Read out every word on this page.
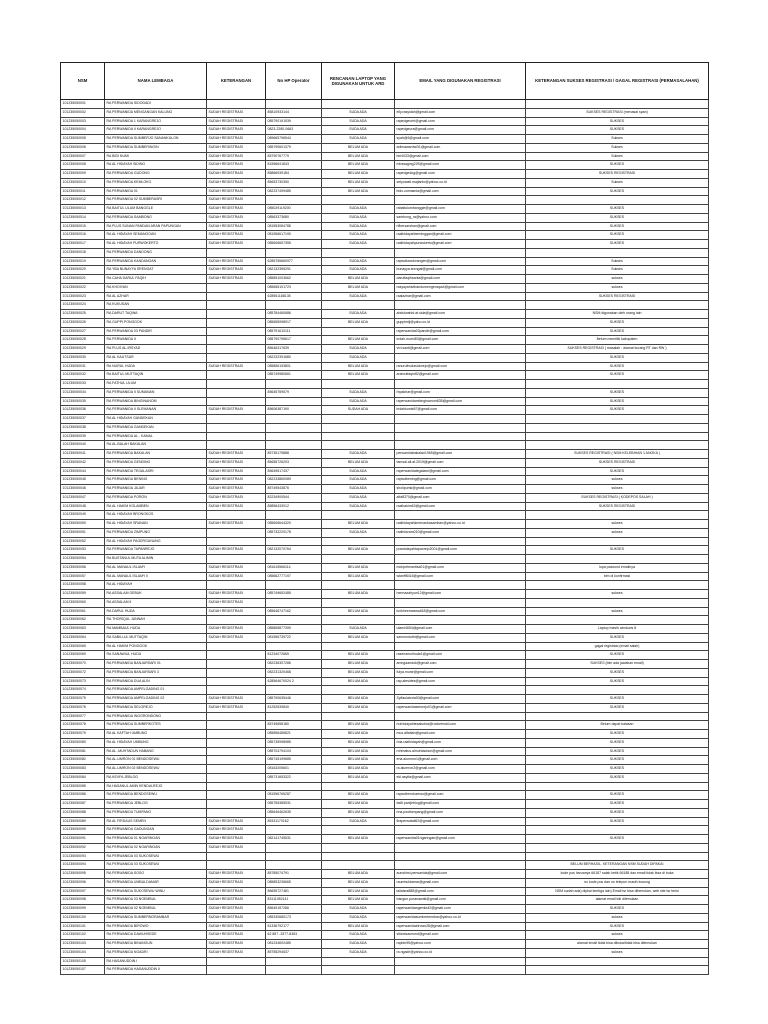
NSM	NAMA LEMBAGA	KETERANGAN	No HP Operator	RENCANAN LAPTOP YANG DIGUNAKAN UNTUK ARD	EMAIL YANG DIGUNAKAN REGISTRASI	KETERANGAN SUKSES REGISTRASI / GAGAL REGISTRASI (PERMASALAHAN)
101235050001	RA PERWANIDA SIDODADI					
101235050002	RA PERWANIDA MENGANGAN KALUNG	SUDAH REGISTRASI	85810933144	SUDA ADA	elly.rasyidah@gmail.com	SUKSES REGISTRASI (menasai span)
101235050003	RA PERWANIDA 1 KARANGREJO	SUDAH REGISTRASI	085790191539	SUDA ADA	rapedgeuriri@gmail.com	SUKSES
101235050004	RA PERWANIDA II KARANGREJO	SUDAH REGISTRASI	0823-2280-0663	SUDA ADA	rapedgeura@gmail.com	SUKSES
101235050005	RA PERWANIDA SUMBERJO SANANKULON	SUDAH REGISTRASI	089665796544	SUDA ADA	syah@6@gmail.com	Sukses
101235050006	RA PERWANIDA SUMBERINGIN	SUDAH REGISTRASI	085790601379	BELUM ADA	adimawardwi31@gmail.com	Sukses
101235050007	RA BIDI NUMI	SUDAH REGISTRASI	85790767779	BELUM ADA	biri4033@gmail.com	Sukses
101235050008	RA AL HIDAYAH SIDING	SUDAH REGISTRASI	81556641843	BELUM ADA	mirasaging225@gmail.com	SUKSES
101235050009	RA PERWANIDA GUDONG	SUDAH REGISTRASI	85866939184	BELUM ADA	rapedgedug@gmail.com	SUKSES REGISTRASI
101235050010	RA PERWANIDA KEMLOKO	SUDAH REGISTRASI	85653730390	BELUM ADA	setyowati.majlanto@yahoo.co.id	Sukses
101235050011	RA PERWANIDA 01	SUDAH REGISTRASI	082237499485	BELUM ADA	bido.zumasnia@gmail.com	SUKSES
101235050012	RA PERWANIDA 02 SUMBERASRI	SUDAH REGISTRASI				
101235050013	RA BAITUL ULUM BANGGLE	SUDAH REGISTRASI	085029119200	SUDA ADA	rabaitulumbanggle@gmail.com	SUKSES
101235050014	RA PERWANIDA SAMBONG	SUDAH REGISTRASI	08563373680	SUDA ADA	sambong_ra@yahoo.com	SUKSES
101235050015	RA PLUS SUNAN PANDAN ARAN PAPUNGAN	SUDAH REGISTRASI	081553084788	SUDA ADA	rifbersarshan@gmail.com	SUKSES
101235050016	RA AL HIDAYAH SEMANGGAN	SUDAH REGISTRASI	081556617190	SUDA ADA	raalhidayahbeminggan@gmail.com	SUKSES
101235050017	RA AL HIDAYAH PURWOKERTO	SUDAH REGISTRASI	085606657355	SUDA ADA	raalhidayahpurwokerto@gmail.com	SUKSES
101235050018	RA PERWANIDA DANDONG					
101235050019	RA PERWANIDA KANDANGAN	SUDAH REGISTRASI	6285755660977	SUDA ADA	rapwdkandorangen@gmail.com	Sukses
101235050020	RA YBA BUNAYYA SRENGAT	SUDAH REGISTRASI	082132355291	SUDA ADA	bunayya.srengat@gmail.com	Sukses
101235050021	RA CAHA DARUL FAQIH	SUDAH REGISTRASI	085891003662	BELUM ADA	darulfaqihsanta@gmail.com	sukses
101235050022	RA KHOIYAN		085655101723	BELUM ADA	rasyayahsebandumengenapa4@gmail.com	sukses
101235050023	RA AL AZHAR		628561188135	SUDA ADA	raalazhar@gmail.com	SUKSES REGISTRASI
101235050024	RA KUKUSAN					
101235050025	RA DARUT TAQWA		085784460686	SUDA ADA	abdulwahid.at.sida@gmail.com	NSM digunakan oleh orang lain
101235050026	RA GUPPI PONGGOK		085655998917	BELUM ADA	guppimiji@yaho.co.id	SUKSES
101235050027	RA PERWANIDA 03 PANDIR		085791610111		raperwanida03pandir@gmail.com	SUKSES
101235050028	RA PERWANIDA II		085790796617	BELUM ADA	indah.murni83@gmail.com	Belum memiliki kabupaten
101235050029	RA PLUS AL-IRSYAD		85646317639	SUDA ADA	vivi.santi@gmail.com	SUKSES REGISTRASI ( masalah : alamat kurang RT dan RW )
101235050030	RA AL KAUTSAR		082232391680	SUDA ADA		SUKSES
101235050031	RA NURUL HUDA	SUDAH REGISTRASI	085856193801	BELUM ADA	ranurulhudasidorejo@gmail.com	SUKSES
101235050032	RA BAITUL MUTTAQIN		085749980661	BELUM ADA	aramutfaqin82@gmail.com	SUKSES
101235050033	RA FATHUL ULUM					
101235050034	RA PERWANIDA II SUMANAN		85645759579	SUDA ADA	rbpakhar@gmail.com	SUKSES
101235050035	RA PERWANIDA BINGINANOM			SUDA ADA	raperwanidambinginanom835@gmail.com	SUKSES
101235050036	RA PERWANIDA II SLEMANAN	SUDAH REGISTRASI	85606387190	SUDAH ADA	indahkunta57@gmail.com	SUKSES
101235050037	RA AL HIDAYAH GANDEKAN					
101235050038	RA PERWANIDA GANDEKAN					
101235050039	RA PERWANIDA AL - KAMAL					
101235050040	RA AL-BALAH BAKALAN					
101235050041	RA PERWANIDA BAKALAN	SUDAH REGISTRASI	85735175888	SUDA ADA	perwanidabakalan1965@gmail.com	SUKSES REGISTRASI ( NSM KELEBIHAN 1 ANGKA )
101235050042	RA PERWANIDA GENDING	SUDAH REGISTRASI	85655726203	BELUM ADA	tamsal.ali.at.2019@gmail.com	SUKSES REGISTRASI
101235050044	RA PERWANIDA TEGALASRI	SUDAH REGISTRASI	85649517437	SUDA ADA	raperwanidategalasri@gmail.com	SUKSES
101235050045	RA PERWANIDA BENING	SUDAH REGISTRASI	082233860089	SUDA ADA	rapwdbening@gmail.com	sukses
101235050046	RA PERWANIDA JAJAR	SUDAH REGISTRASI	85749543876	SUDA ADA	sholipumk@gmail.com	sukses
101235050047	RA PERWANIDA PORON	SUDAH REGISTRASI	82234900544	SUDA ADA	alfa8370@gmail.com	SUKSES REGISTRASI ( KODEPOS SALAH )
101235050048	RA AL HAKIM KOLAMBEN	SUDAH REGISTRASI	85856433012	SUDA ADA	raalhakim63@gmail.com	SUKSES REGISTRASI
101235050049	RA AL HIDAYAH BRONGKOS					
101235050050	RA AL HIDAYAH SRANAN	SUDAH REGISTRASI	085606644320	BELUM ADA	raalhidayahkmenankasamban@yahoo.co.id	sukses
101235050051	RA PERWANIDA ZIMPUNG		085732220178	SUDA ADA	raalhidzam010@gmail.com	sukses
101235050052	RA AL HIDAYAH PAGERGUNUNG					
101235050053	RA PERWANIDA TAPANREJO	SUDAH REGISTRASI	082132070764	BELUM ADA	poswidayahtapanrejo2001@gmail.com	SUKSES
101235050054	RA BUSTANUL MUTA ALIMIN					
101235050056	RA AL MANAUL ISLAMY	SUDAH REGISTRASI	081615566114	BELUM ADA	mohpetmantisa01@gmail.com	lupa pasword emailnya
101235050057	RA AL MANAUL ISLAMY II	SUDAH REGISTRASI	085662777197	BELUM ADA	wtanff8416@gmail.com	blm di konfirmasi
101235050058	RA AL HIDAYAH					
101235050059	RA ASSALAM GEBUK	SUDAH REGISTRASI	085749652485	BELUM ADA	hermazahyun12@gmail.com	sukses
101235050060	RA ASSALAM II	SUDAH REGISTRASI				
101235050061	RA DARUL HUDA	SUDAH REGISTRASI	085646747162	BELUM ADA	lunkheemaswati18@gmail.com	sukses
101235050062	RA THORIQUL JANNAH					
101235050063	RA MAMBAUL HUDA	SUDAH REGISTRASI	085855877399	SUDA ADA	utami4654@gmail.com	Laptop masih windows 8
101235050064	RA SABILLUL MUTTAQIN	SUDAH REGISTRASI	081556739722	BELUM ADA	samonotuthi@gmail.com	SUKSES
101235050065	RA AL HAKIM PONGGOK					gagal registrasi (email salah)
101235050069	RA SANAWIUL HUDA		81234072665	BELUM ADA	rasenamulhuda1@gmail.com	SUKSES
101235050070	RA PERWANIDA BANJARSARI 01		082236307286	BELUM ADA	amngaandub@gmail.com	SUKSES (blm ada jawaban email)
101235050072	RA PERWANIDA BANJARSARI 3		082231320468	BELUM ADA	fulya.munir@gmail.com	SUKSES
101235050073	RA PERWANIDA DUA ALIN		628564670024 2	BELUM ADA	rap.alesides@gmail.com	SUKSES
101235050074	RA PERWANIDA AMPELGADING 01					
101235050075	RA PERWANIDA AMPELGADING 02	SUDAH REGISTRASI	085790635446	BELUM ADA	Syifaulatoria93@gmail.com	SUKSES
101235050076	RA PERWANIDA SELOREJO	SUDAH REGISTRASI	81252539840	BELUM ADA	raperwanidaselorejo01@gmail.com	SUKSES
101235050077	RA PERWANIDA INGGRONDONG					
101235050078	RA PERWANIDA SUMBERKOTES		85749658180	BELUM ADA	nurhidayahtesakutna@rocketmail.com	Belum dapat balasan
101235050079	RA AL KAFTAH UMBUNG		085856485821	BELUM ADA	mus.alfattah@gmail.com	SUKSES
101235050080	RA AL HIDAYAH UMBUNG		085735998985	BELUM ADA	rida.raalhidayah@gmail.com	SUKSES
101235050081	RA AL -MUHTADUN HABANG		085704794104	BELUM ADA	rohmatus.almuhtadoun@gmail.com	SUKSES
101235050082	RA AL-UMRON 01 BENDOSEWU		085745199685	BELUM ADA	ena.alumron1@gmail.com	SUKSES
101235050083	RA AL-UMRON 02 BENDOSEWU		08163205601	BELUM ADA	ra.alumron2@gmail.com	SUKSES
101235050084	RA KEVFA JEBLOG		085731653322	BELUM ADA	eki.asyifa@gmail.com	SUKSES
101235050085	RA HASANUL AMIN KENDALREJO					
101235050086	RA PERWANIDA BENDOSEWU		081556765287	BELUM ADA	rapwdbendosewu@gmail.com	SUKSES
101235050087	RA PERWANIDA JEBLOG		085755385531	BELUM ADA	fadli.pwdjeblog@gmail.com	SUKSES
101235050088	RA PERWANIDA TUMPANG		085646462635	BELUM ADA	rina.pwdtumpang@gmail.com	SUKSES
101235050089	RA AL FIRDAUS SEMEN	SUDAH REGISTRASI	85331170162	SUDA ADA	firaperwatali62@gmail.com	SUKSES
101235050090	RA PERWANIDA GADUNGAN	SUDAH REGISTRASI				
101235050091	RA PERWANIDA 01 NGARINGAN	SUDAH REGISTRASI	082141745531	BELUM ADA	raperwanida01ngaringan@gmail.com	SUKSES
101235050092	RA PERWANIDA 02 NGARINGAN	SUDAH REGISTRASI				
101235050093	RA PERWANIDA 03 SUKOSEWU					
101235050094	RA PERWANIDA 03 SUKOSEWU					BELUM BERHASIL, KETERANGAN NSM SUDAH DIPAKAI
101235050095	RA PERWANIDA SOSO	SUDAH REGISTRASI	85785074791	BELUM ADA	aunshirsi.perwanida@gmail.com	kode pos haruanya 66187 salah ketik 66188 dan email tidak bisa di buka
101235050096	RA PERWANIDA UMBULDAMAR	SUDAH REGISTRASI	085853236665	BELUM ADA	raumbuldamar@gmail.com	no kode pos dan no telepon masih kosong
101235050097	RA PERWANIDA SUKOSEWU WINU	SUDAH REGISTRASI	85655727481	BELUM ADA	lailaisra888@gmail.com	NSM sudah ada) dipkai lembga lain) Email tsr bisa dibenukan, web site tsr terisi
101235050098	RA PERWANIDA 03 NGEMBUL	SUDAH REGISTRASI	83111052141	BELUM ADA	bangun.puranawati@gmail.com	alamat email tdk ditemukan
101235050099	RA PERWANIDA 02 NGEMBUL	SUDAH REGISTRASI	85649157266	SUDA ADA	raperwanidangembul2@gmail.com	SUKSES
101235050100	RA PERWANIDA SUMBERNGRAMBAR	SUDAH REGISTRASI	085330680173	SUDA ADA	raperwanidasumberkembar@yahoo.co.id	sukses
101235050101	RA PERWANIDA BIROWO	SUDAH REGISTRASI	81336792177	BELUM ADA	raperwanidabirowo28@gmail.com	SUKSES
101235050102	RA PERWANIDA DAWUHSEDE	SUDAH REGISTRASI	62 857 -3377-8363	SUDA ADA	sitianisaursmd@gmail.com	sukses
101235050103	RA PERWANIDA BINANGUN	SUDAH REGISTRASI	081234692485	SUDA ADA	rapbin95@yahoo.com	alamat email tidak bisa dibuka/tidak bisa ditemukan
101235050104	RA PERWANIDA NGADRI	SUDAH REGISTRASI	85755294637	SUDA ADA	ra.ngadri@yahoo.co.id	sukses
101235050105	RA HASANUDDIN I					
101235050107	RA PERWANIDA HASANUDDIN II					
